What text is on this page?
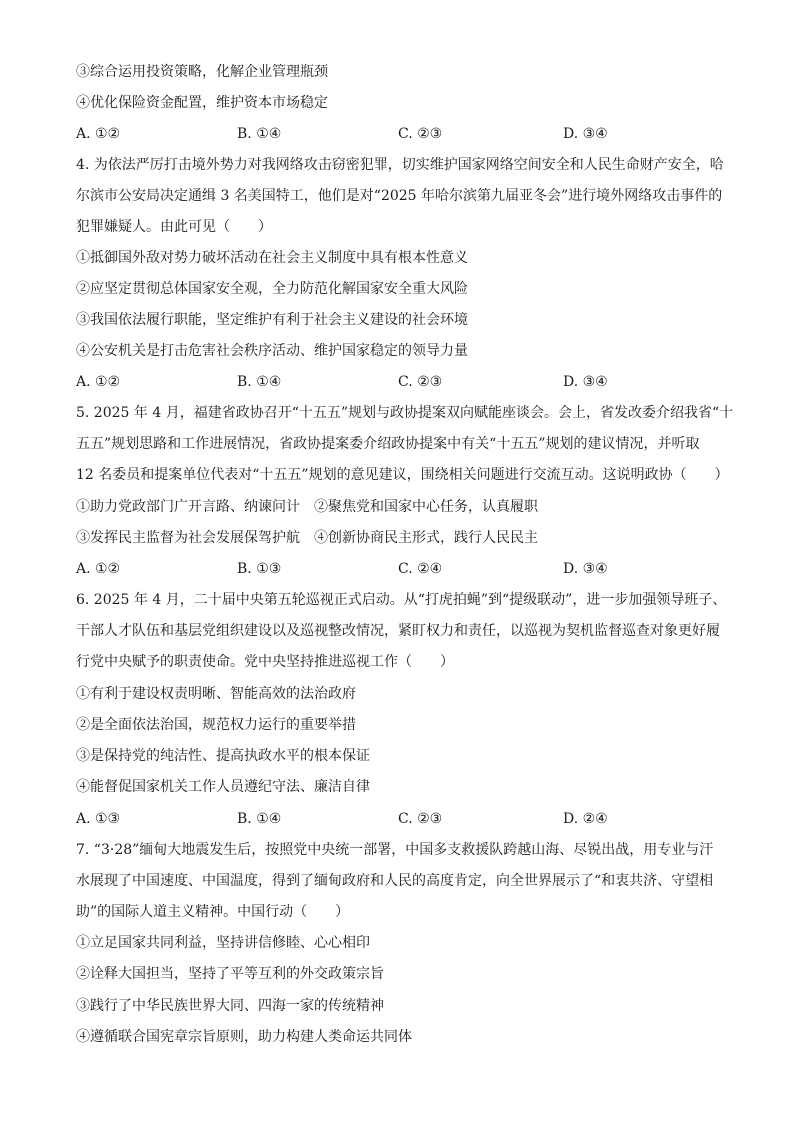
③综合运用投资策略，化解企业管理瓶颈
④优化保险资金配置，维护资本市场稳定
A. ①②	B. ①④	C. ②③	D. ③④
4. 为依法严厉打击境外势力对我网络攻击窃密犯罪，切实维护国家网络空间安全和人民生命财产安全，哈
尔滨市公安局决定通缉 3 名美国特工，他们是对“2025 年哈尔滨第九届亚冬会”进行境外网络攻击事件的
犯罪嫌疑人。由此可见（　　）
①抵御国外敌对势力破坏活动在社会主义制度中具有根本性意义
②应坚定贯彻总体国家安全观，全力防范化解国家安全重大风险
③我国依法履行职能，坚定维护有利于社会主义建设的社会环境
④公安机关是打击危害社会秩序活动、维护国家稳定的领导力量
A. ①②	B. ①④	C. ②③	D. ③④
5. 2025 年 4 月，福建省政协召开“十五五”规划与政协提案双向赋能座谈会。会上，省发改委介绍我省“十
五五”规划思路和工作进展情况，省政协提案委介绍政协提案中有关“十五五”规划的建议情况，并听取
12 名委员和提案单位代表对“十五五”规划的意见建议，围绕相关问题进行交流互动。这说明政协（　　）
①助力党政部门广开言路、纳谏问计　②聚焦党和国家中心任务，认真履职
③发挥民主监督为社会发展保驾护航　④创新协商民主形式，践行人民民主
A. ①②	B. ①③	C. ②④	D. ③④
6. 2025 年 4 月，二十届中央第五轮巡视正式启动。从“打虎拍蝇”到“提级联动”，进一步加强领导班子、
干部人才队伍和基层党组织建设以及巡视整改情况，紧盯权力和责任，以巡视为契机监督巡查对象更好履
行党中央赋予的职责使命。党中央坚持推进巡视工作（　　）
①有利于建设权责明晰、智能高效的法治政府
②是全面依法治国，规范权力运行的重要举措
③是保持党的纯洁性、提高执政水平的根本保证
④能督促国家机关工作人员遵纪守法、廉洁自律
A. ①③	B. ①④	C. ②③	D. ②④
7. “3·28”缅甸大地震发生后，按照党中央统一部署，中国多支救援队跨越山海、尽锐出战，用专业与汗
水展现了中国速度、中国温度，得到了缅甸政府和人民的高度肯定，向全世界展示了“和衷共济、守望相
助”的国际人道主义精神。中国行动（　　）
①立足国家共同利益，坚持讲信修睦、心心相印
②诠释大国担当，坚持了平等互利的外交政策宗旨
③践行了中华民族世界大同、四海一家的传统精神
④遵循联合国宪章宗旨原则，助力构建人类命运共同体
